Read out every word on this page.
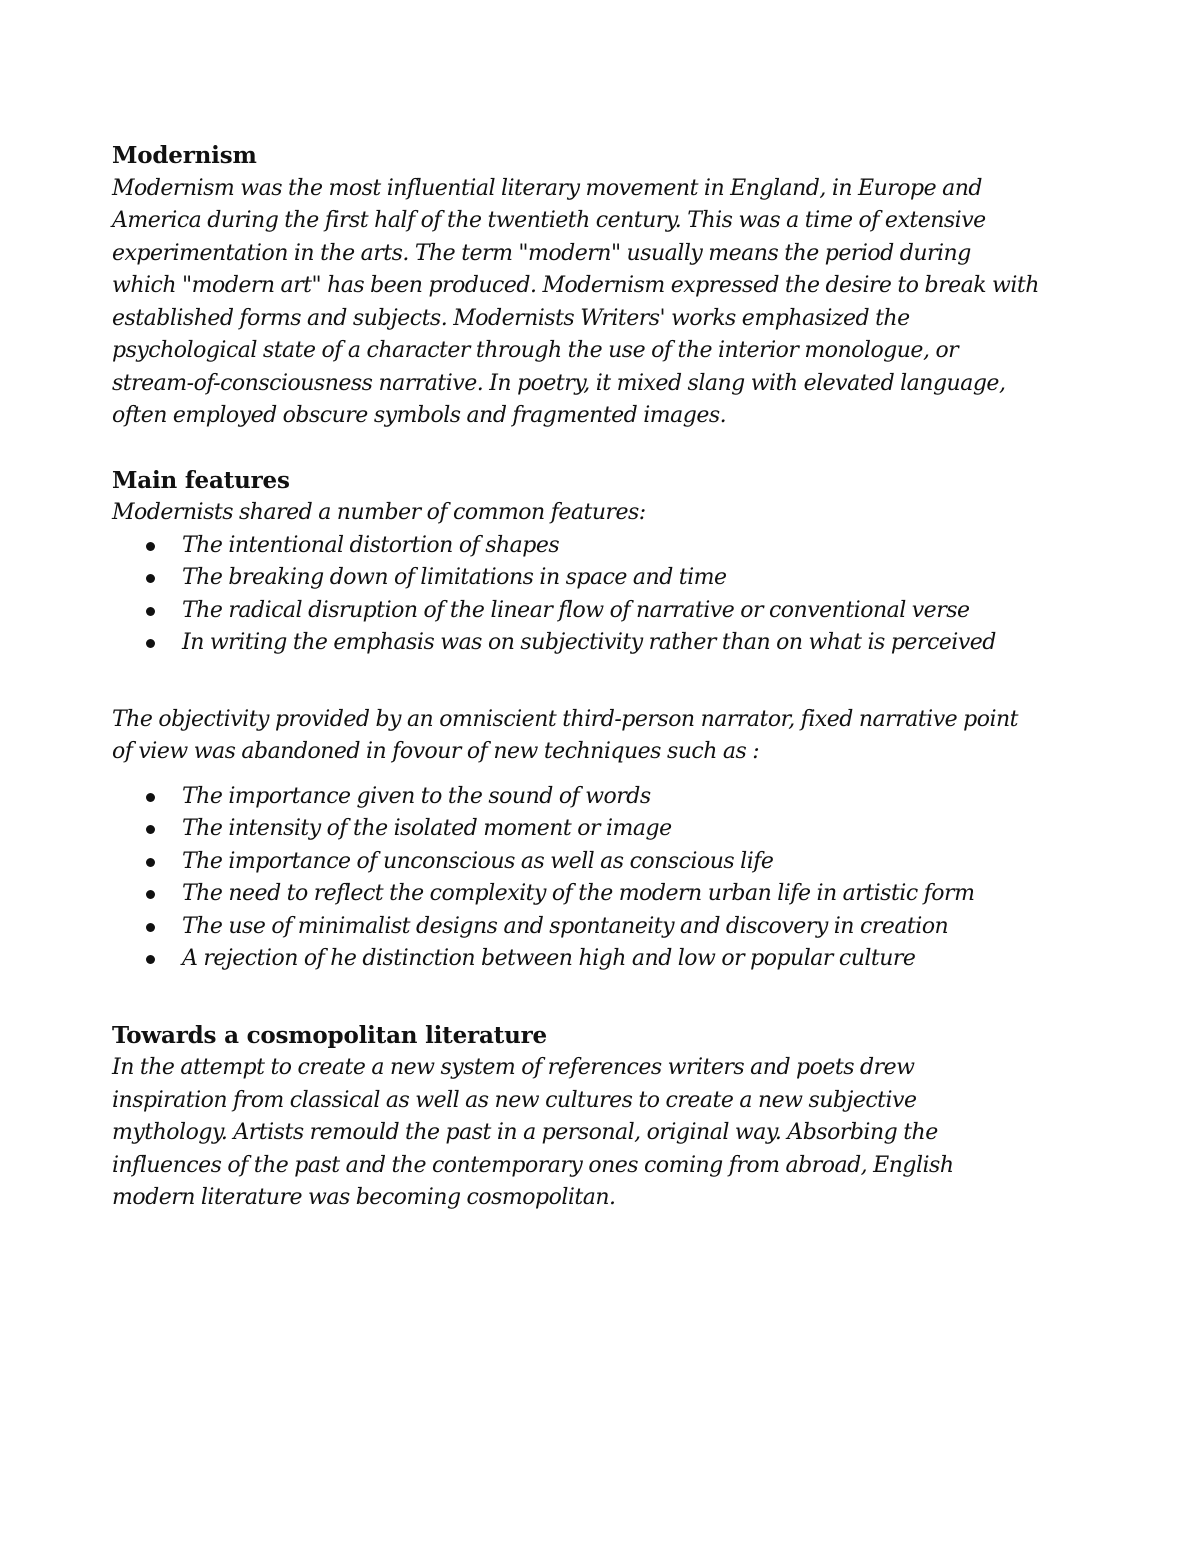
Modernism

Modernism was the most influential literary movement in England, in Europe and
America during the first half of the twentieth century. This was a time of extensive
experimentation in the arts. The term "modern" usually means the period during
which "modern art" has been produced. Modernism expressed the desire to break with
established forms and subjects. Modernists Writers' works emphasized the
psychological state of a character through the use of the interior monologue, or
stream-of-consciousness narrative. In poetry, it mixed slang with elevated language,
often employed obscure symbols and fragmented images.

Main features

Modernists shared a number of common features:

The intentional distortion of shapes
The breaking down of limitations in space and time
The radical disruption of the linear flow of narrative or conventional verse
In writing the emphasis was on subjectivity rather than on what is perceived

The objectivity provided by an omniscient third-person narrator, fixed narrative point
of view was abandoned in fovour of new techniques such as :

The importance given to the sound of words
The intensity of the isolated moment or image
The importance of unconscious as well as conscious life
The need to reflect the complexity of the modern urban life in artistic form
The use of minimalist designs and spontaneity and discovery in creation
A rejection of he distinction between high and low or popular culture
Towards a cosmopolitan literature

In the attempt to create a new system of references writers and poets drew
inspiration from classical as well as new cultures to create a new subjective
mythology. Artists remould the past in a personal, original way. Absorbing the
influences of the past and the contemporary ones coming from abroad, English
modern literature was becoming cosmopolitan.
